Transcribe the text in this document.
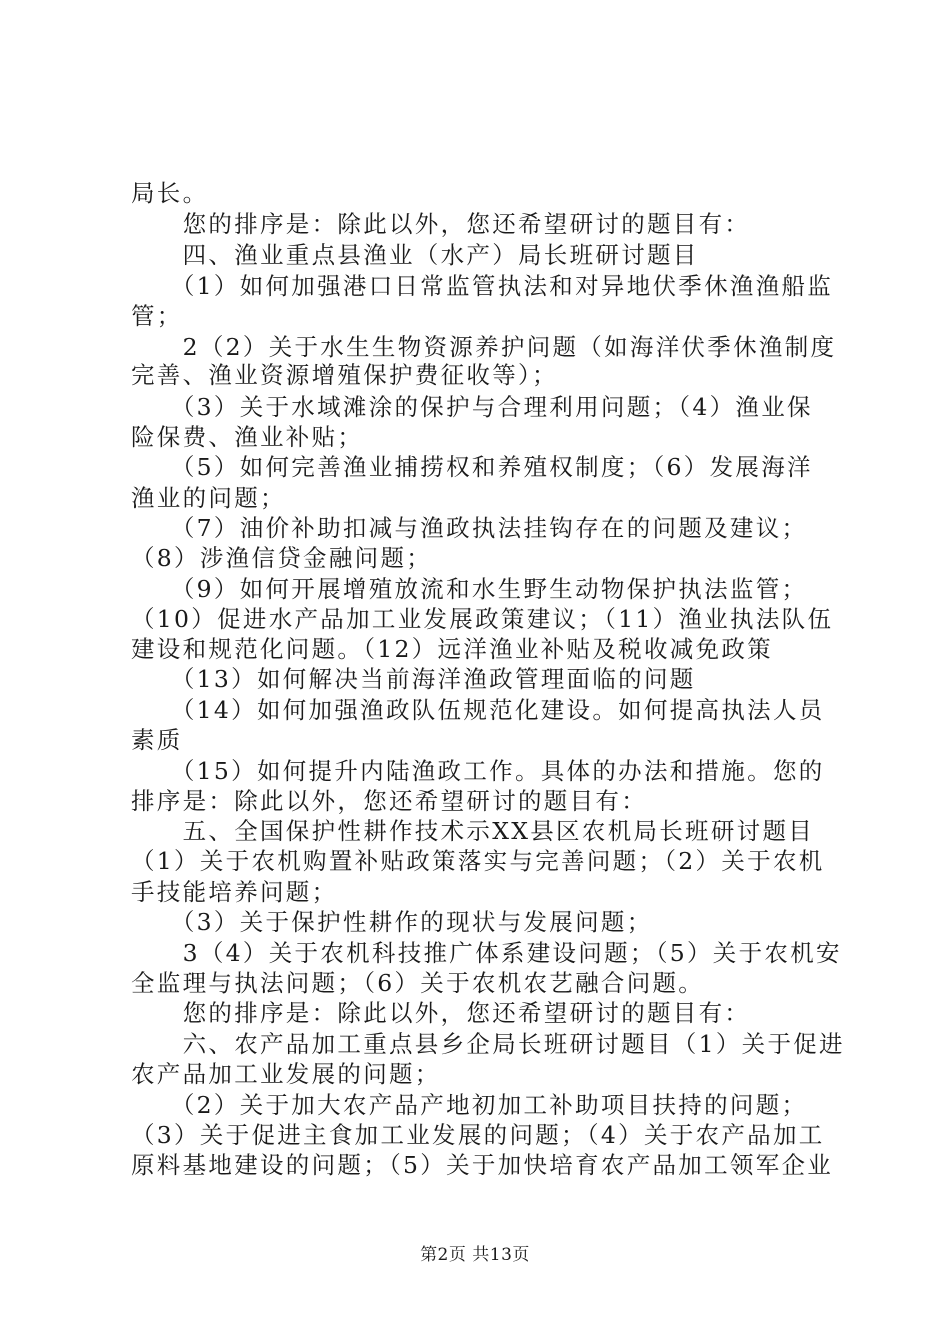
局长。
　　您的排序是：除此以外，您还希望研讨的题目有：
　　四、渔业重点县渔业（水产）局长班研讨题目
　　（1）如何加强港口日常监管执法和对异地伏季休渔渔船监
管；
　　2（2）关于水生生物资源养护问题（如海洋伏季休渔制度
完善、渔业资源增殖保护费征收等）；
　　（3）关于水域滩涂的保护与合理利用问题；（4）渔业保
险保费、渔业补贴；
　　（5）如何完善渔业捕捞权和养殖权制度；（6）发展海洋
渔业的问题；
　　（7）油价补助扣减与渔政执法挂钩存在的问题及建议；
（8）涉渔信贷金融问题；
　　（9）如何开展增殖放流和水生野生动物保护执法监管；
（10）促进水产品加工业发展政策建议；（11）渔业执法队伍
建设和规范化问题。（12）远洋渔业补贴及税收减免政策
　　（13）如何解决当前海洋渔政管理面临的问题
　　（14）如何加强渔政队伍规范化建设。如何提高执法人员
素质
　　（15）如何提升内陆渔政工作。具体的办法和措施。您的
排序是：除此以外，您还希望研讨的题目有：
　　五、全国保护性耕作技术示XX县区农机局长班研讨题目
（1）关于农机购置补贴政策落实与完善问题；（2）关于农机
手技能培养问题；
　　（3）关于保护性耕作的现状与发展问题；
　　3（4）关于农机科技推广体系建设问题；（5）关于农机安
全监理与执法问题；（6）关于农机农艺融合问题。
　　您的排序是：除此以外，您还希望研讨的题目有：
　　六、农产品加工重点县乡企局长班研讨题目（1）关于促进
农产品加工业发展的问题；
　　（2）关于加大农产品产地初加工补助项目扶持的问题；
（3）关于促进主食加工业发展的问题；（4）关于农产品加工
原料基地建设的问题；（5）关于加快培育农产品加工领军企业
第2页 共13页
